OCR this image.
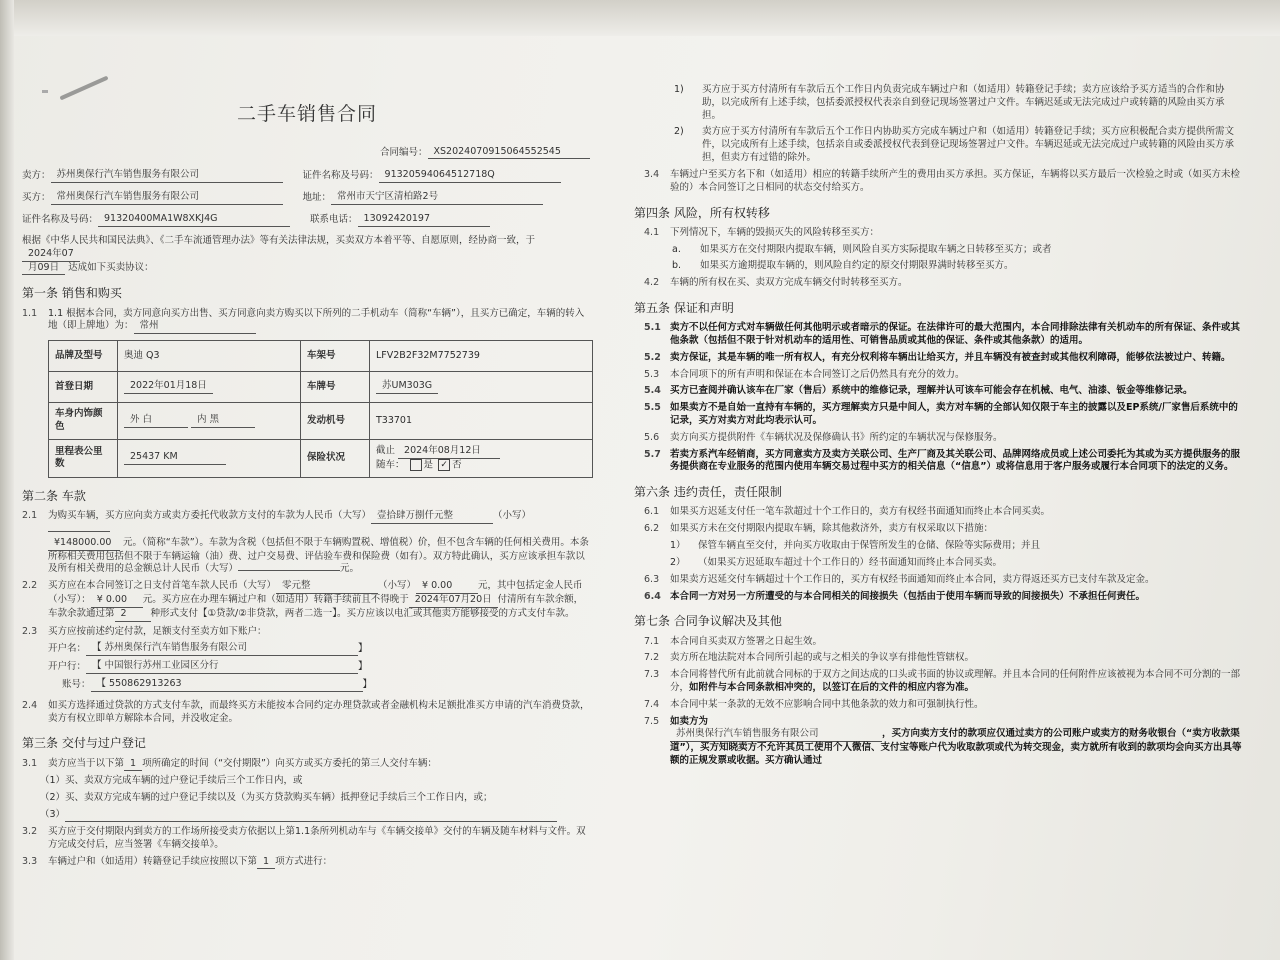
二手车销售合同
合同编号： XS2024070915064552545
卖方： 苏州奥保行汽车销售服务有限公司	证件名称及号码： 91320594064512718Q
买方： 常州奥保行汽车销售服务有限公司	地址： 常州市天宁区清柏路2号
证件名称及号码： 91320400MA1W8XKJ4G	联系电话： 13092420197
根据《中华人民共和国民法典》、《二手车流通管理办法》等有关法律法规，买卖双方本着平等、自愿原则，经协商一致，于2024年07
月09日 达成如下买卖协议：
第一条 销售和购买
1.1	1.1 根据本合同，卖方同意向买方出售、买方同意向卖方购买以下所列的二手机动车（简称“车辆”），且买方已确定，车辆的转入地（即上牌地）为： 常州
品牌及型号	奥迪 Q3	车架号	LFV2B2F32M7752739
首登日期	2022年01月18日	车牌号	苏UM303G
车身内饰颜色	外 白 内 黑	发动机号	T33701
里程表公里数	25437 KM	保险状况	截止 2024年08月12日
随车： 是 ✓ 否
第二条 车款
2.1	为购买车辆，买方应向卖方或卖方委托代收款方支付的车款为人民币（大写） 壹拾肆万捌仟元整	（小写）
¥148000.00 元。（简称“车款”）。车款为含税（包括但不限于车辆购置税、增值税）价，但不包含车辆的任何相关费用。本条所称相关费用包括但不限于车辆运输（油）费、过户交易费、评估验车费和保险费（如有）。双方特此确认，买方应该承担车款以及所有相关费用的总金额总计人民币（大写）	元。
2.2	买方应在本合同签订之日支付首笔车款人民币（大写） 零元整	（小写） ¥ 0.00	元，其中包括定金人民币（小写）： ¥ 0.00 元。买方应在办理车辆过户和（如适用）转籍手续前且不得晚于 2024年07月20日 付清所有车款余额，车款余款通过第 2	种形式支付【①贷款/②非贷款，两者二选一】。买方应该以电汇或其他卖方能够接受的方式支付车款。
2.3	买方应按前述约定付款，足额支付至卖方如下账户：
开户名： 【 苏州奥保行汽车销售服务有限公司	】
开户行： 【 中国银行苏州工业园区分行	】
账号： 【 550862913263	】
2.4	如买方选择通过贷款的方式支付车款，而最终买方未能按本合同约定办理贷款或者金融机构未足额批准买方申请的汽车消费贷款，卖方有权立即单方解除本合同，并没收定金。
第三条 交付与过户登记
3.1	卖方应当于以下第 1 项所确定的时间（“交付期限”）向买方或买方委托的第三人交付车辆：
（1）买、卖双方完成车辆的过户登记手续后三个工作日内，或
（2）买、卖双方完成车辆的过户登记手续以及（为买方贷款购买车辆）抵押登记手续后三个工作日内，或；
（3）
3.2	买方应于交付期限内到卖方的工作场所接受卖方依据以上第1.1条所列机动车与《车辆交接单》交付的车辆及随车材料与文件。双方完成交付后，应当签署《车辆交接单》。
3.3	车辆过户和（如适用）转籍登记手续应按照以下第 1 项方式进行：
1)	买方应于买方付清所有车款后五个工作日内负责完成车辆过户和（如适用）转籍登记手续；卖方应该给予买方适当的合作和协助，以完成所有上述手续，包括委派授权代表亲自到登记现场签署过户文件。车辆迟延或无法完成过户或转籍的风险由买方承担。
2)	卖方应于买方付清所有车款后五个工作日内协助买方完成车辆过户和（如适用）转籍登记手续；买方应积极配合卖方提供所需文件，以完成所有上述手续，包括亲自或委派授权代表到登记现场签署过户文件。车辆迟延或无法完成过户或转籍的风险由买方承担，但卖方有过错的除外。
3.4	车辆过户至买方名下和（如适用）相应的转籍手续所产生的费用由买方承担。买方保证，车辆将以买方最后一次检验之时或（如买方未检验的）本合同签订之日相同的状态交付给买方。
第四条 风险，所有权转移
4.1	下列情况下，车辆的毁损灭失的风险转移至买方：
a.	如果买方在交付期限内提取车辆，则风险自买方实际提取车辆之日转移至买方；或者
b.	如果买方逾期提取车辆的，则风险自约定的原交付期限界满时转移至买方。
4.2	车辆的所有权在买、卖双方完成车辆交付时转移至买方。
第五条 保证和声明
5.1 卖方不以任何方式对车辆做任何其他明示或者暗示的保证。在法律许可的最大范围内，本合同排除法律有关机动车的所有保证、条件或其他条款（包括但不限于针对机动车的适用性、可销售品质或其他的保证、条件或其他条款）的适用。
5.2 卖方保证，其是车辆的唯一所有权人，有充分权利将车辆出让给买方，并且车辆没有被查封或其他权利障碍，能够依法被过户、转籍。
5.3	本合同项下的所有声明和保证在本合同签订之后仍然具有充分的效力。
5.4 买方已查阅并确认该车在厂家（售后）系统中的维修记录，理解并认可该车可能会存在机械、电气、油漆、钣金等维修记录。
5.5 如果卖方不是自始一直持有车辆的，买方理解卖方只是中间人，卖方对车辆的全部认知仅限于车主的披露以及EP系统/厂家售后系统中的记录，买方对卖方对此均表示认可。
5.6	卖方向买方提供附件《车辆状况及保修确认书》所约定的车辆状况与保修服务。
5.7 若卖方系汽车经销商，买方同意卖方及卖方关联公司、生产厂商及其关联公司、品牌网络成员或上述公司委托为其或为买方提供服务的服务提供商在专业服务的范围内使用车辆交易过程中买方的相关信息（“信息”）或将信息用于客户服务或履行本合同项下的法定的义务。
第六条 违约责任，责任限制
6.1	如果买方迟延支付任一笔车款超过十个工作日的，卖方有权经书面通知而终止本合同买卖。
6.2	如果买方未在交付期限内提取车辆，除其他救济外，卖方有权采取以下措施：
1）	保管车辆直至交付，并向买方收取由于保管所发生的仓储、保险等实际费用；并且
2）	（如果买方迟延取车超过十个工作日的）经书面通知而终止本合同买卖。
6.3	如果卖方迟延交付车辆超过十个工作日的，买方有权经书面通知而终止本合同，卖方得返还买方已支付车款及定金。
6.4 本合同一方对另一方所遭受的与本合同相关的间接损失（包括由于使用车辆而导致的间接损失）不承担任何责任。
第七条 合同争议解决及其他
7.1	本合同自买卖双方签署之日起生效。
7.2	卖方所在地法院对本合同所引起的或与之相关的争议享有排他性管辖权。
7.3	本合同将替代所有此前就合同标的于双方之间达成的口头或书面的协议或理解。并且本合同的任何附件应该被视为本合同不可分割的一部分，如附件与本合同条款相冲突的，以签订在后的文件的相应内容为准。
7.4	本合同中某一条款的无效不应影响合同中其他条款的效力和可强制执行性。
7.5	如卖方为
苏州奥保行汽车销售服务有限公司	，买方向卖方支付的款项应仅通过卖方的公司账户或卖方的财务收银台（“卖方收款渠道”），买方知晓卖方不允许其员工使用个人微信、支付宝等账户代为收取款项或代为转交现金，卖方就所有收到的款项均会向买方出具等额的正规发票或收据。买方确认通过
